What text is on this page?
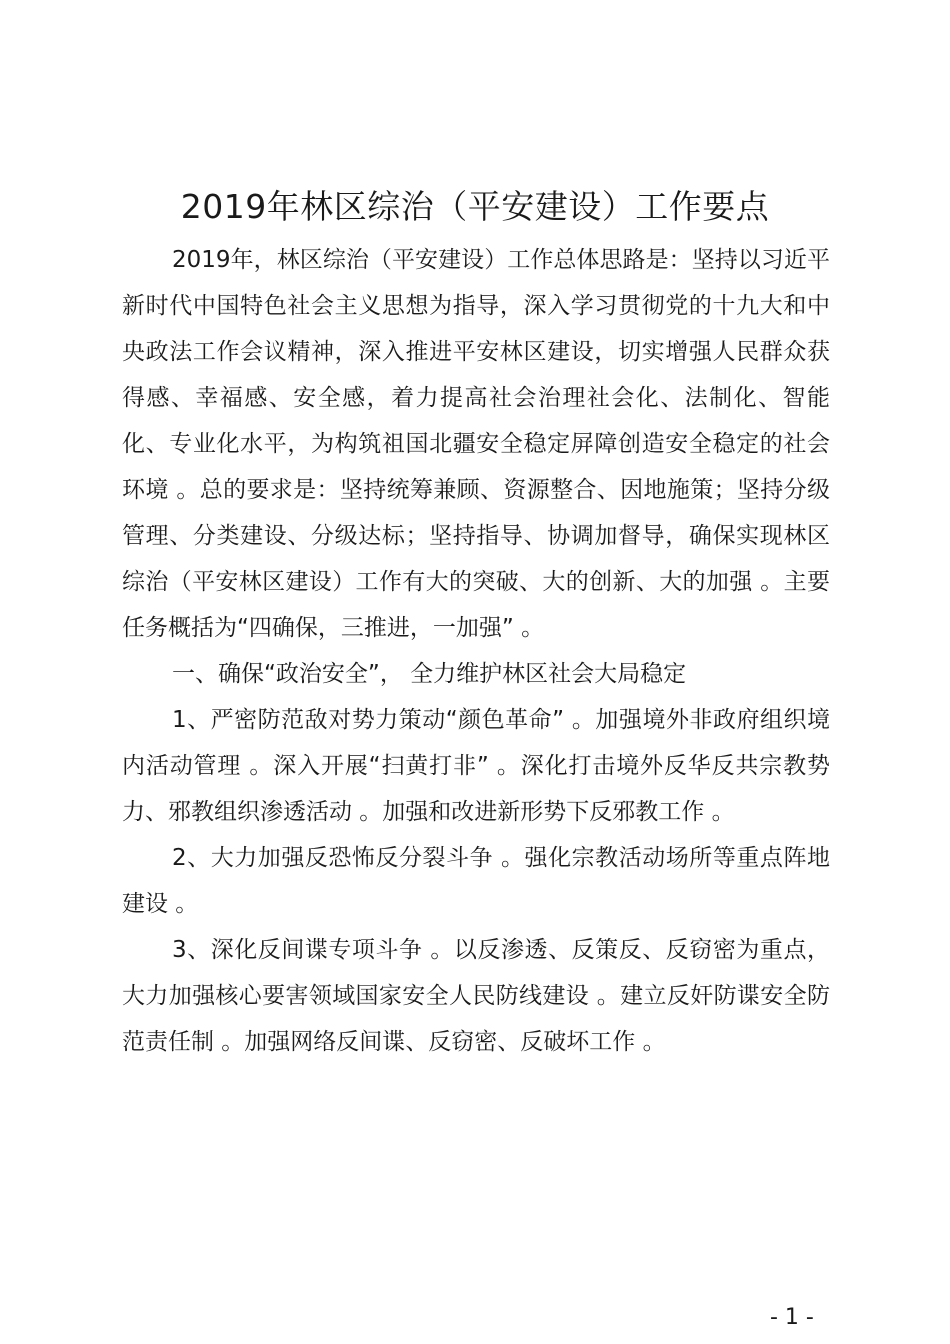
2019年林区综治（平安建设）工作要点

2019年，林区综治（平安建设）工作总体思路是：坚持以习近平新时代中国特色社会主义思想为指导，深入学习贯彻党的十九大和中央政法工作会议精神，深入推进平安林区建设，切实增强人民群众获得感、幸福感、安全感，着力提高社会治理社会化、法制化、智能化、专业化水平，为构筑祖国北疆安全稳定屏障创造安全稳定的社会环境 。总的要求是：坚持统筹兼顾、资源整合、因地施策；坚持分级管理、分类建设、分级达标；坚持指导、协调加督导，确保实现林区综治（平安林区建设）工作有大的突破、大的创新、大的加强 。主要任务概括为“四确保，三推进，一加强” 。

一、确保“政治安全”， 全力维护林区社会大局稳定

1、严密防范敌对势力策动“颜色革命” 。加强境外非政府组织境内活动管理 。深入开展“扫黄打非” 。深化打击境外反华反共宗教势力、邪教组织渗透活动 。加强和改进新形势下反邪教工作 。

2、大力加强反恐怖反分裂斗争 。强化宗教活动场所等重点阵地建设 。

3、深化反间谍专项斗争 。以反渗透、反策反、反窃密为重点，大力加强核心要害领域国家安全人民防线建设 。建立反奸防谍安全防范责任制 。加强网络反间谍、反窃密、反破坏工作 。

- 1 -
